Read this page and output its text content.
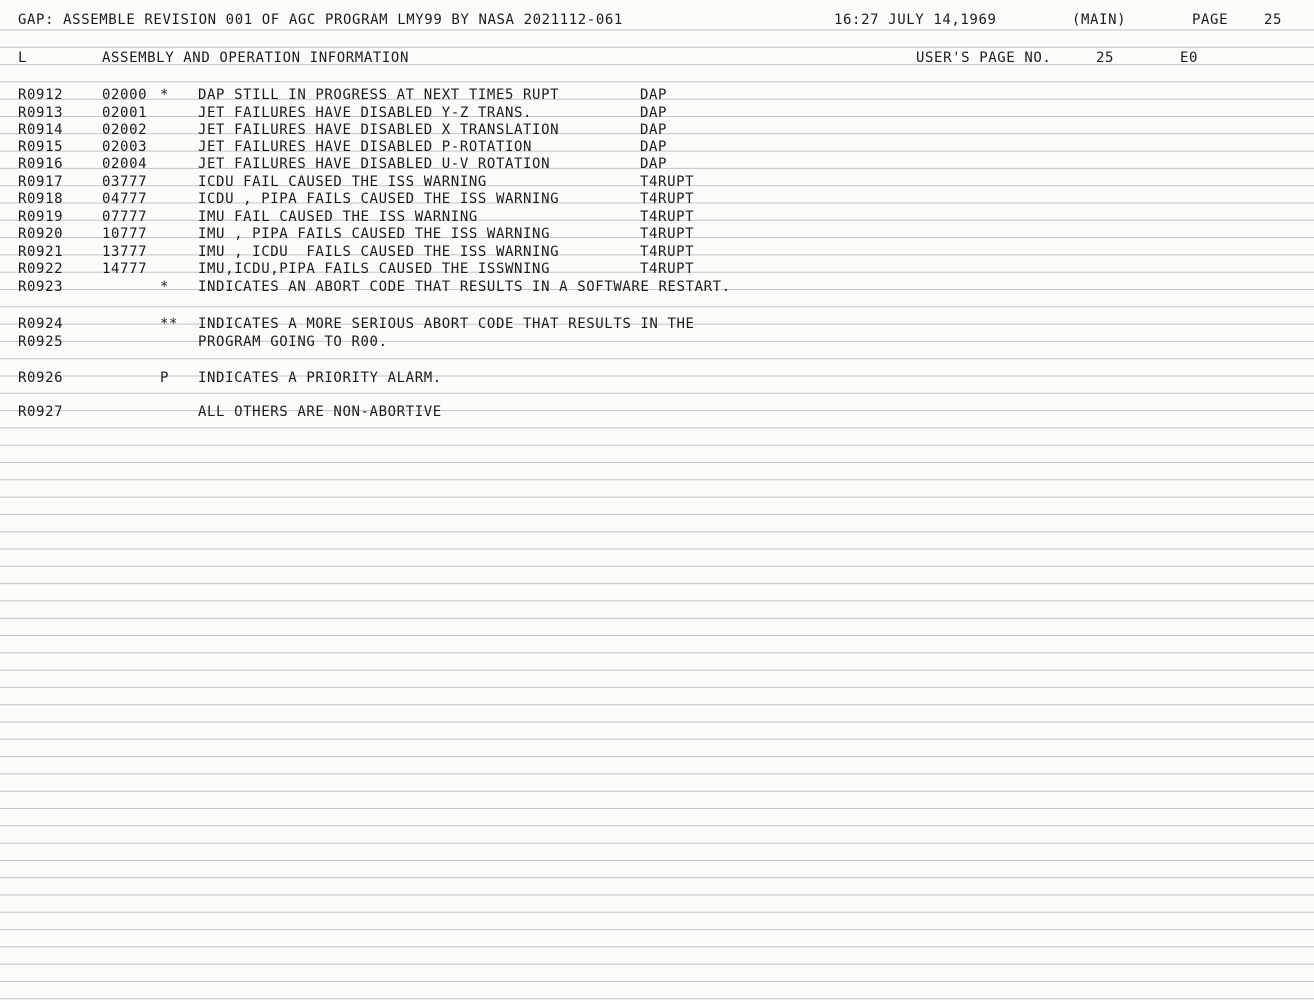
GAP: ASSEMBLE REVISION 001 OF AGC PROGRAM LMY99 BY NASA 2021112-061

	16:27 JULY 14,1969

	(MAIN)

	PAGE

	25

L

	ASSEMBLY AND OPERATION INFORMATION

	USER'S PAGE NO.

	25

	E0

R0912	02000 * DAP STILL IN PROGRESS AT NEXT TIME5 RUPT	DAP
R0913	02001	JET FAILURES HAVE DISABLED Y-Z TRANS.	DAP
R0914	02002	JET FAILURES HAVE DISABLED X TRANSLATION	DAP
R0915	02003	JET FAILURES HAVE DISABLED P-ROTATION	DAP
R0916	02004	JET FAILURES HAVE DISABLED U-V ROTATION	DAP
R0917	03777	ICDU FAIL CAUSED THE ISS WARNING	T4RUPT
R0918	04777	ICDU , PIPA FAILS CAUSED THE ISS WARNING	T4RUPT
R0919	07777	IMU FAIL CAUSED THE ISS WARNING	T4RUPT
R0920	10777	IMU , PIPA FAILS CAUSED THE ISS WARNING	T4RUPT
R0921	13777	IMU , ICDU  FAILS CAUSED THE ISS WARNING	T4RUPT
R0922	14777	IMU,ICDU,PIPA FAILS CAUSED THE ISSWNING	T4RUPT
R0923	* INDICATES AN ABORT CODE THAT RESULTS IN A SOFTWARE RESTART.
R0924	** INDICATES A MORE SERIOUS ABORT CODE THAT RESULTS IN THE
R0925	PROGRAM GOING TO R00.
R0926	P INDICATES A PRIORITY ALARM.
R0927	ALL OTHERS ARE NON-ABORTIVE
